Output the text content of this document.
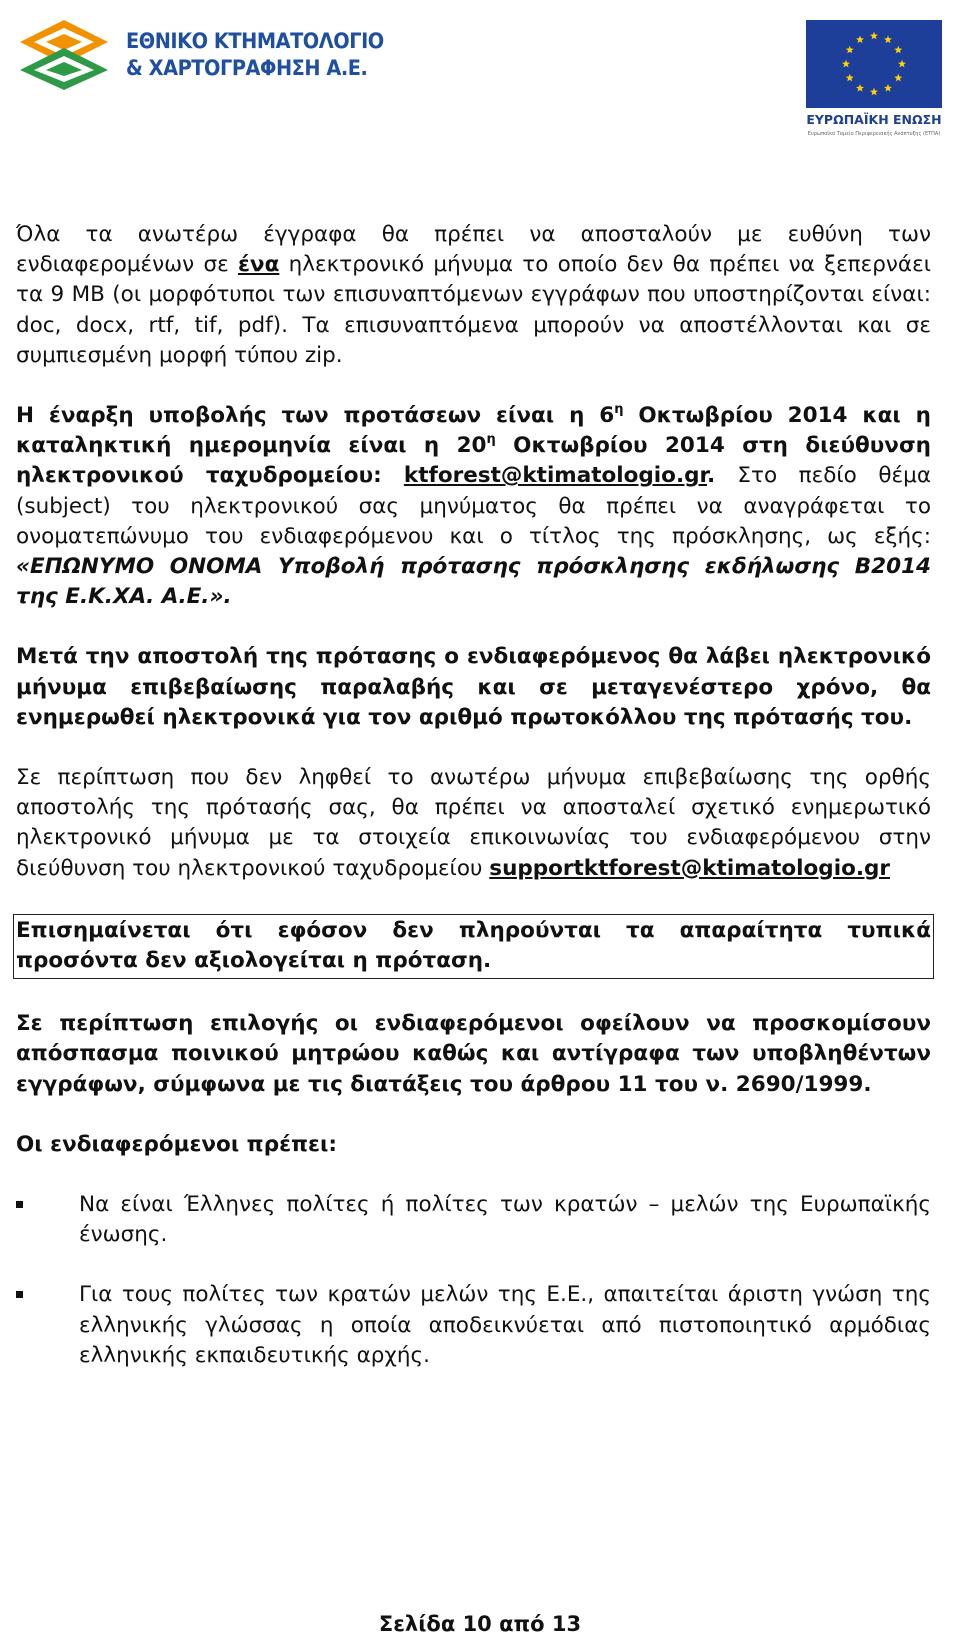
ΕΘΝΙΚΟ ΚΤΗΜΑΤΟΛΟΓΙΟ
& ΧΑΡΤΟΓΡΑΦΗΣΗ Α.Ε.
ΕΥΡΩΠΑΪΚΗ ΕΝΩΣΗ
Ευρωπαϊκό Ταμείο Περιφερειακής Ανάπτυξης (ΕΤΠΑ)

Όλα τα ανωτέρω έγγραφα θα πρέπει να αποσταλούν με ευθύνη των ενδιαφερομένων σε ένα ηλεκτρονικό μήνυμα το οποίο δεν θα πρέπει να ξεπερνάει τα 9 MB (οι μορφότυποι των επισυναπτόμενων εγγράφων που υποστηρίζονται είναι: doc, docx, rtf, tif, pdf). Τα επισυναπτόμενα μπορούν να αποστέλλονται και σε συμπιεσμένη μορφή τύπου zip.

Η έναρξη υποβολής των προτάσεων είναι η $6^\eta$ Οκτωβρίου 2014 και η καταληκτική ημερομηνία είναι η $20^\eta$ Οκτωβρίου 2014 στη διεύθυνση ηλεκτρονικού ταχυδρομείου: ktforest@ktimatologio.gr. Στο πεδίο θέμα (subject) του ηλεκτρονικού σας μηνύματος θα πρέπει να αναγράφεται το ονοματεπώνυμο του ενδιαφερόμενου και ο τίτλος της πρόσκλησης, ως εξής: «ΕΠΩΝΥΜΟ ΟΝΟΜΑ Υποβολή πρότασης πρόσκλησης εκδήλωσης Β2014 της Ε.Κ.ΧΑ. Α.Ε.».

Μετά την αποστολή της πρότασης ο ενδιαφερόμενος θα λάβει ηλεκτρονικό μήνυμα επιβεβαίωσης παραλαβής και σε μεταγενέστερο χρόνο, θα ενημερωθεί ηλεκτρονικά για τον αριθμό πρωτοκόλλου της πρότασής του.

Σε περίπτωση που δεν ληφθεί το ανωτέρω μήνυμα επιβεβαίωσης της ορθής αποστολής της πρότασής σας, θα πρέπει να αποσταλεί σχετικό ενημερωτικό ηλεκτρονικό μήνυμα με τα στοιχεία επικοινωνίας του ενδιαφερόμενου στην διεύθυνση του ηλεκτρονικού ταχυδρομείου supportktforest@ktimatologio.gr

Επισημαίνεται ότι εφόσον δεν πληρούνται τα απαραίτητα τυπικά προσόντα δεν αξιολογείται η πρόταση.

Σε περίπτωση επιλογής οι ενδιαφερόμενοι οφείλουν να προσκομίσουν απόσπασμα ποινικού μητρώου καθώς και αντίγραφα των υποβληθέντων εγγράφων, σύμφωνα με τις διατάξεις του άρθρου 11 του ν. 2690/1999.

Οι ενδιαφερόμενοι πρέπει:

Να είναι Έλληνες πολίτες ή πολίτες των κρατών – μελών της Ευρωπαϊκής ένωσης.

Για τους πολίτες των κρατών μελών της Ε.Ε., απαιτείται άριστη γνώση της ελληνικής γλώσσας η οποία αποδεικνύεται από πιστοποιητικό αρμόδιας ελληνικής εκπαιδευτικής αρχής.

Σελίδα 10 από 13
